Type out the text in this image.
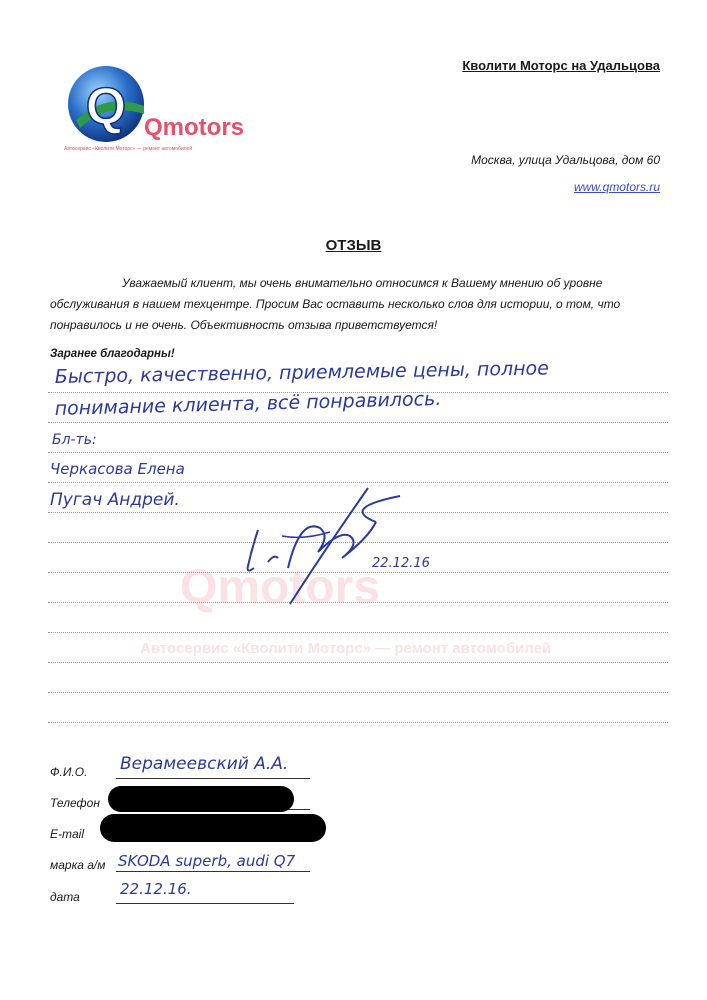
Q Qmotors
Автосервис «Кволити Моторс» — ремонт автомобилей
Кволити Моторс на Удальцова
Москва, улица Удальцова, дом 60
www.qmotors.ru
ОТЗЫВ
Уважаемый клиент, мы очень внимательно относимся к Вашему мнению об уровне обслуживания в нашем техцентре. Просим Вас оставить несколько слов для истории, о том, что понравилось и не очень. Объективность отзыва приветствуется!
Заранее благодарны!
Qmotors
Автосервис «Кволити Моторс» — ремонт автомобилей
Быстро, качественно, приемлемые цены, полное
понимание клиента, всё понравилось.
Бл-ть:
Черкасова Елена
Пугач Андрей.
22.12.16
Ф.И.О. Верамеевский А.А.
Телефон
E-mail
марка а/м SKODA superb, audi Q7
дата	22.12.16.
